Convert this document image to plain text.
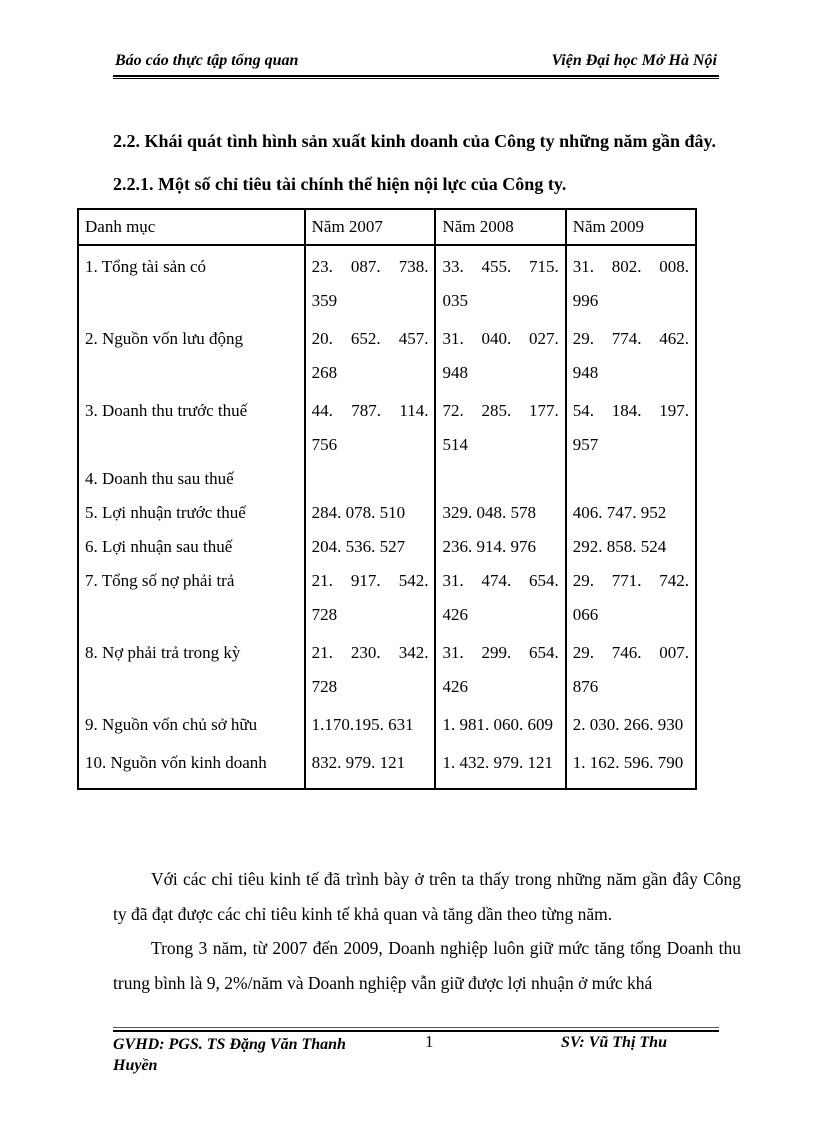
Báo cáo thực tập tổng quan	Viện Đại học Mở Hà Nội
2.2. Khái quát tình hình sản xuất kinh doanh của Công ty những năm gần đây.
2.2.1. Một số chỉ tiêu tài chính thể hiện nội lực của Công ty.
Danh mục	Năm 2007	Năm 2008	Năm 2009
1. Tổng tài sản có	23. 087. 738. 359	33. 455. 715. 035	31. 802. 008. 996
2. Nguồn vốn lưu động	20. 652. 457. 268	31. 040. 027. 948	29. 774. 462. 948
3. Doanh thu trước thuế	44. 787. 114. 756	72. 285. 177. 514	54. 184. 197. 957
4. Doanh thu sau thuế			
5. Lợi nhuận trước thuế	284. 078. 510	329. 048. 578	406. 747. 952
6. Lợi nhuận sau thuế	204. 536. 527	236. 914. 976	292. 858. 524
7. Tổng số nợ phải trả	21. 917. 542. 728	31. 474. 654. 426	29. 771. 742. 066
8. Nợ phải trả trong kỳ	21. 230. 342. 728	31. 299. 654. 426	29. 746. 007. 876
9. Nguồn vốn chủ sở hữu	1.170.195. 631	1. 981. 060. 609	2. 030. 266. 930
10. Nguồn vốn kinh doanh	832. 979. 121	1. 432. 979. 121	1. 162. 596. 790

Với các chỉ tiêu kinh tế đã trình bày ở trên ta thấy trong những năm gần đây Công ty đã đạt được các chỉ tiêu kinh tế khả quan và tăng dần theo từng năm.

Trong 3 năm, từ 2007 đến 2009, Doanh nghiệp luôn giữ mức tăng tổng Doanh thu trung bình là 9, 2%/năm và Doanh nghiệp vẫn giữ được lợi nhuận ở mức khá

GVHD: PGS. TS Đặng Văn Thanh Huyền
1	SV: Vũ Thị Thu
